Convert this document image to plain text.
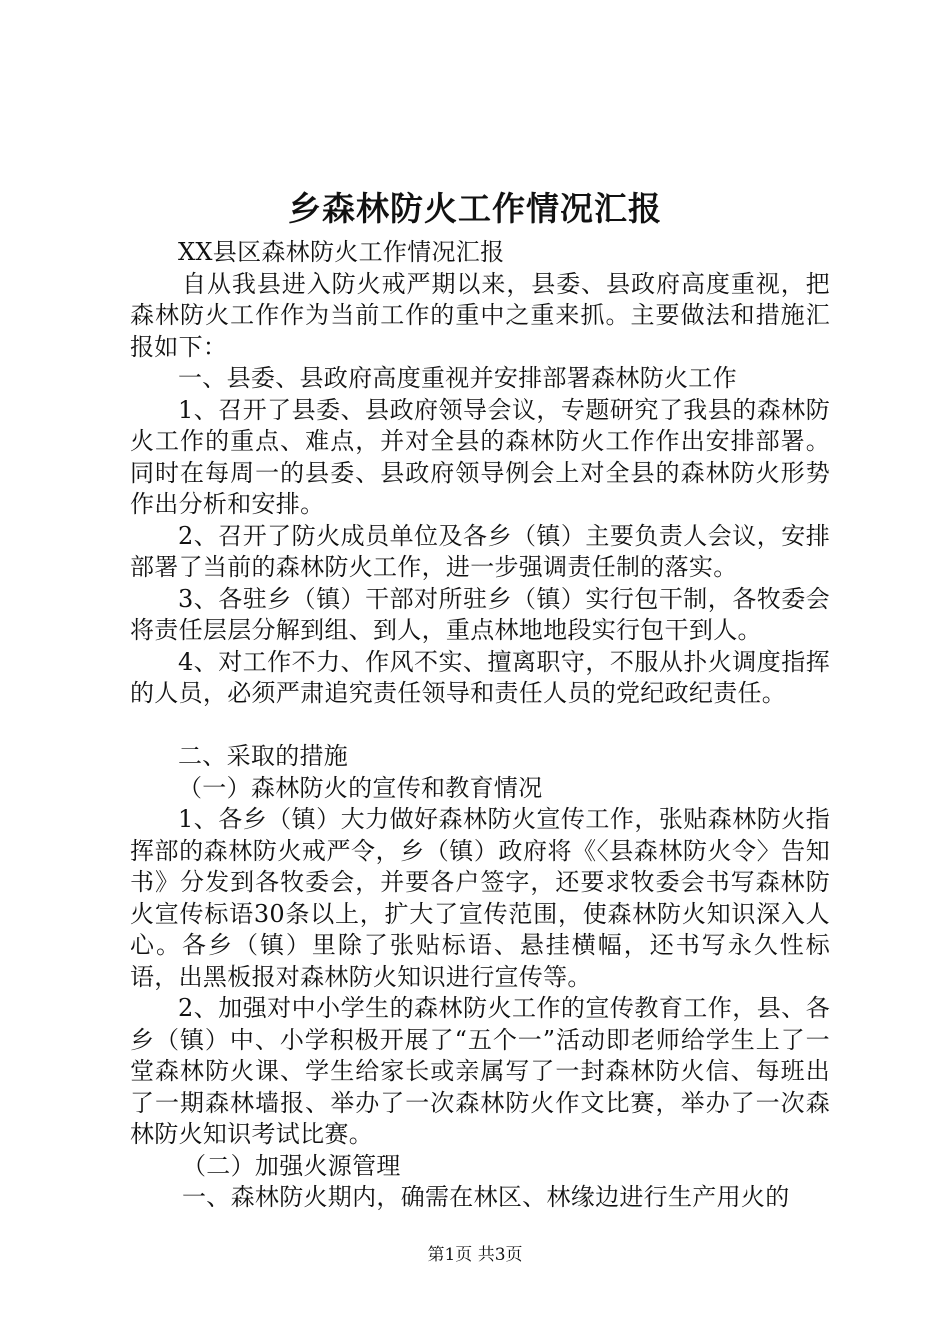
乡森林防火工作情况汇报

XX县区森林防火工作情况汇报

自从我县进入防火戒严期以来，县委、县政府高度重视，把森林防火工作作为当前工作的重中之重来抓。主要做法和措施汇报如下：

一、县委、县政府高度重视并安排部署森林防火工作

1、召开了县委、县政府领导会议，专题研究了我县的森林防火工作的重点、难点，并对全县的森林防火工作作出安排部署。同时在每周一的县委、县政府领导例会上对全县的森林防火形势作出分析和安排。

2、召开了防火成员单位及各乡（镇）主要负责人会议，安排部署了当前的森林防火工作，进一步强调责任制的落实。

3、各驻乡（镇）干部对所驻乡（镇）实行包干制，各牧委会将责任层层分解到组、到人，重点林地地段实行包干到人。

4、对工作不力、作风不实、擅离职守，不服从扑火调度指挥的人员，必须严肃追究责任领导和责任人员的党纪政纪责任。

二、采取的措施

（一）森林防火的宣传和教育情况

1、各乡（镇）大力做好森林防火宣传工作，张贴森林防火指挥部的森林防火戒严令，乡（镇）政府将《〈县森林防火令〉告知书》分发到各牧委会，并要各户签字，还要求牧委会书写森林防火宣传标语30条以上，扩大了宣传范围，使森林防火知识深入人心。各乡（镇）里除了张贴标语、悬挂横幅，还书写永久性标语，出黑板报对森林防火知识进行宣传等。

2、加强对中小学生的森林防火工作的宣传教育工作，县、各乡（镇）中、小学积极开展了“五个一”活动即老师给学生上了一堂森林防火课、学生给家长或亲属写了一封森林防火信、每班出了一期森林墙报、举办了一次森林防火作文比赛，举办了一次森林防火知识考试比赛。

（二）加强火源管理

一、森林防火期内，确需在林区、林缘边进行生产用火的

第1页 共3页
